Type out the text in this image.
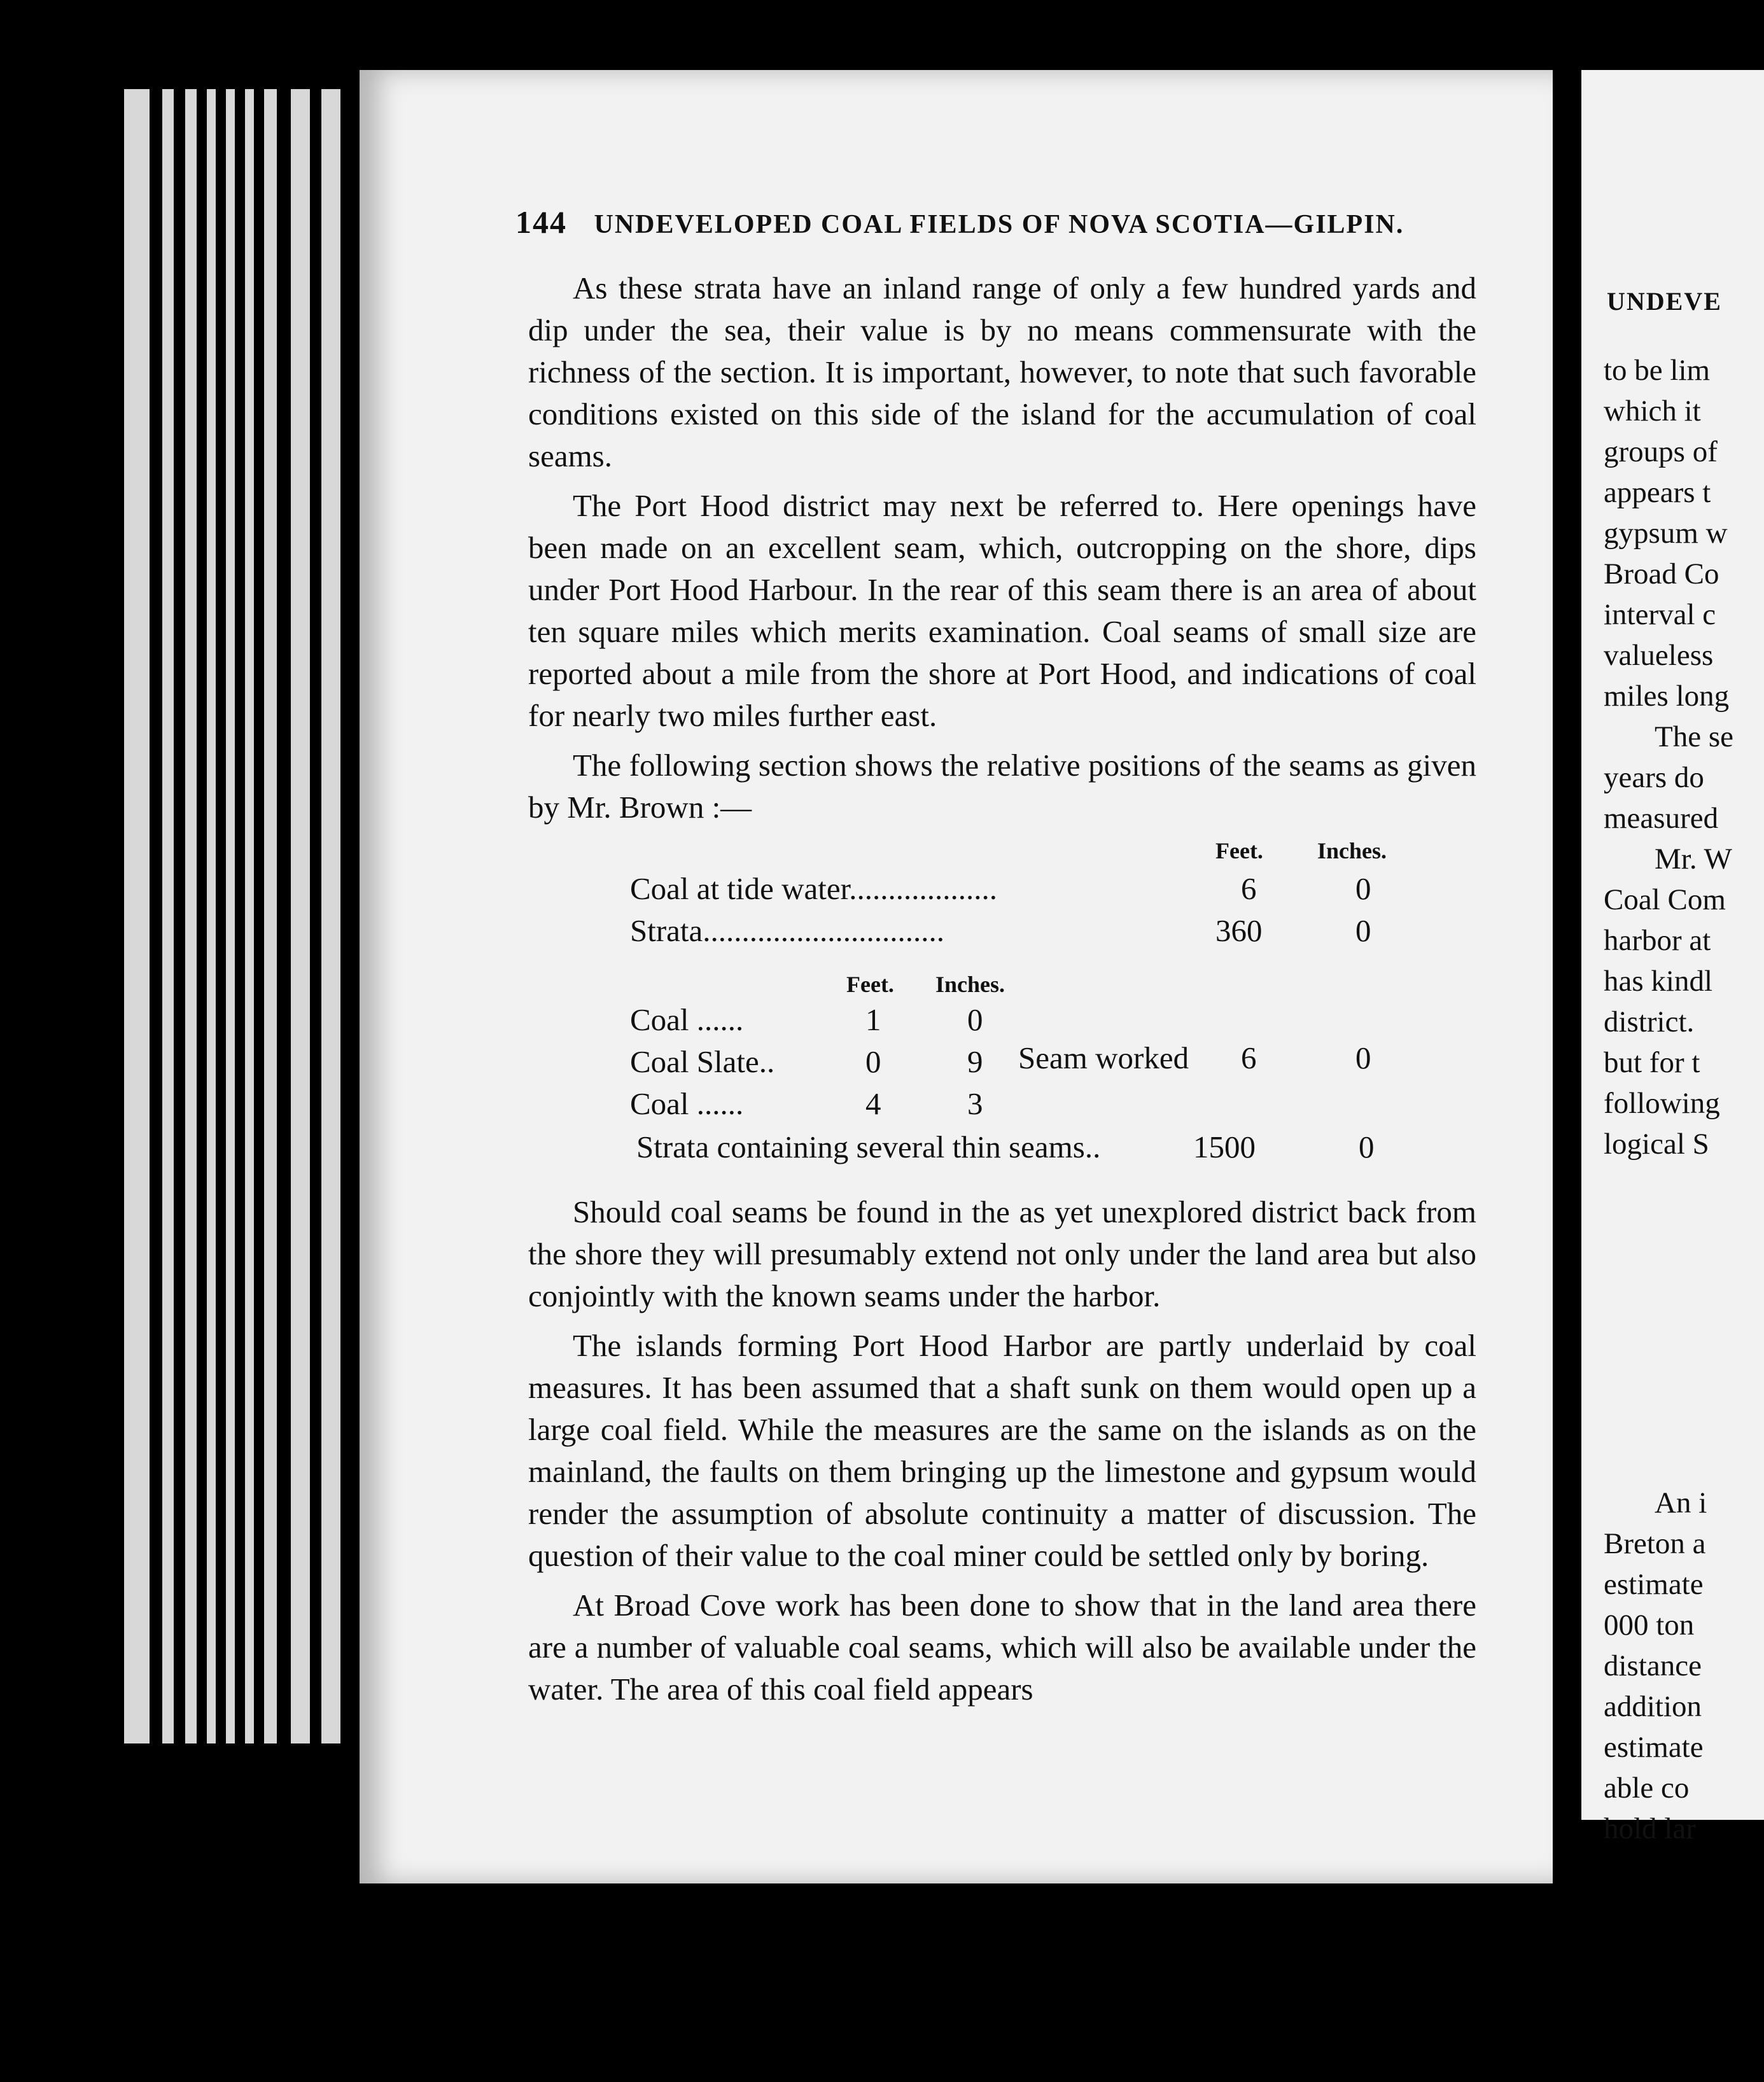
144 UNDEVELOPED COAL FIELDS OF NOVA SCOTIA—GILPIN.

As these strata have an inland range of only a few hundred yards and dip under the sea, their value is by no means commensurate with the richness of the section. It is important, however, to note that such favorable conditions existed on this side of the island for the accumulation of coal seams.

The Port Hood district may next be referred to. Here openings have been made on an excellent seam, which, outcropping on the shore, dips under Port Hood Harbour. In the rear of this seam there is an area of about ten square miles which merits examination. Coal seams of small size are reported about a mile from the shore at Port Hood, and indications of coal for nearly two miles further east.

The following section shows the relative positions of the seams as given by Mr. Brown :—

Feet. Inches.
Coal at tide water...................	6	0
Strata...............................	360	0
Feet. Inches.
Coal ......	1	0
Coal Slate..	0	9 Seam worked 6	0
Coal ......	4	3
Strata containing several thin seams..	1500	0

Should coal seams be found in the as yet unexplored district back from the shore they will presumably extend not only under the land area but also conjointly with the known seams under the harbor.

The islands forming Port Hood Harbor are partly underlaid by coal measures. It has been assumed that a shaft sunk on them would open up a large coal field. While the measures are the same on the islands as on the mainland, the faults on them bringing up the limestone and gypsum would render the assumption of absolute continuity a matter of discussion. The question of their value to the coal miner could be settled only by boring.

At Broad Cove work has been done to show that in the land area there are a number of valuable coal seams, which will also be available under the water. The area of this coal field appears

UNDEVE
to be lim
which it
groups of
appears t
gypsum w
Broad Co
interval c
valueless
miles long
The se
years do
measured
Mr. W
Coal Com
harbor at
has kindl
district.
but for t
following
logical S
An i
Breton a
estimate
000 ton
distance
addition
estimate
able co
hold lar
